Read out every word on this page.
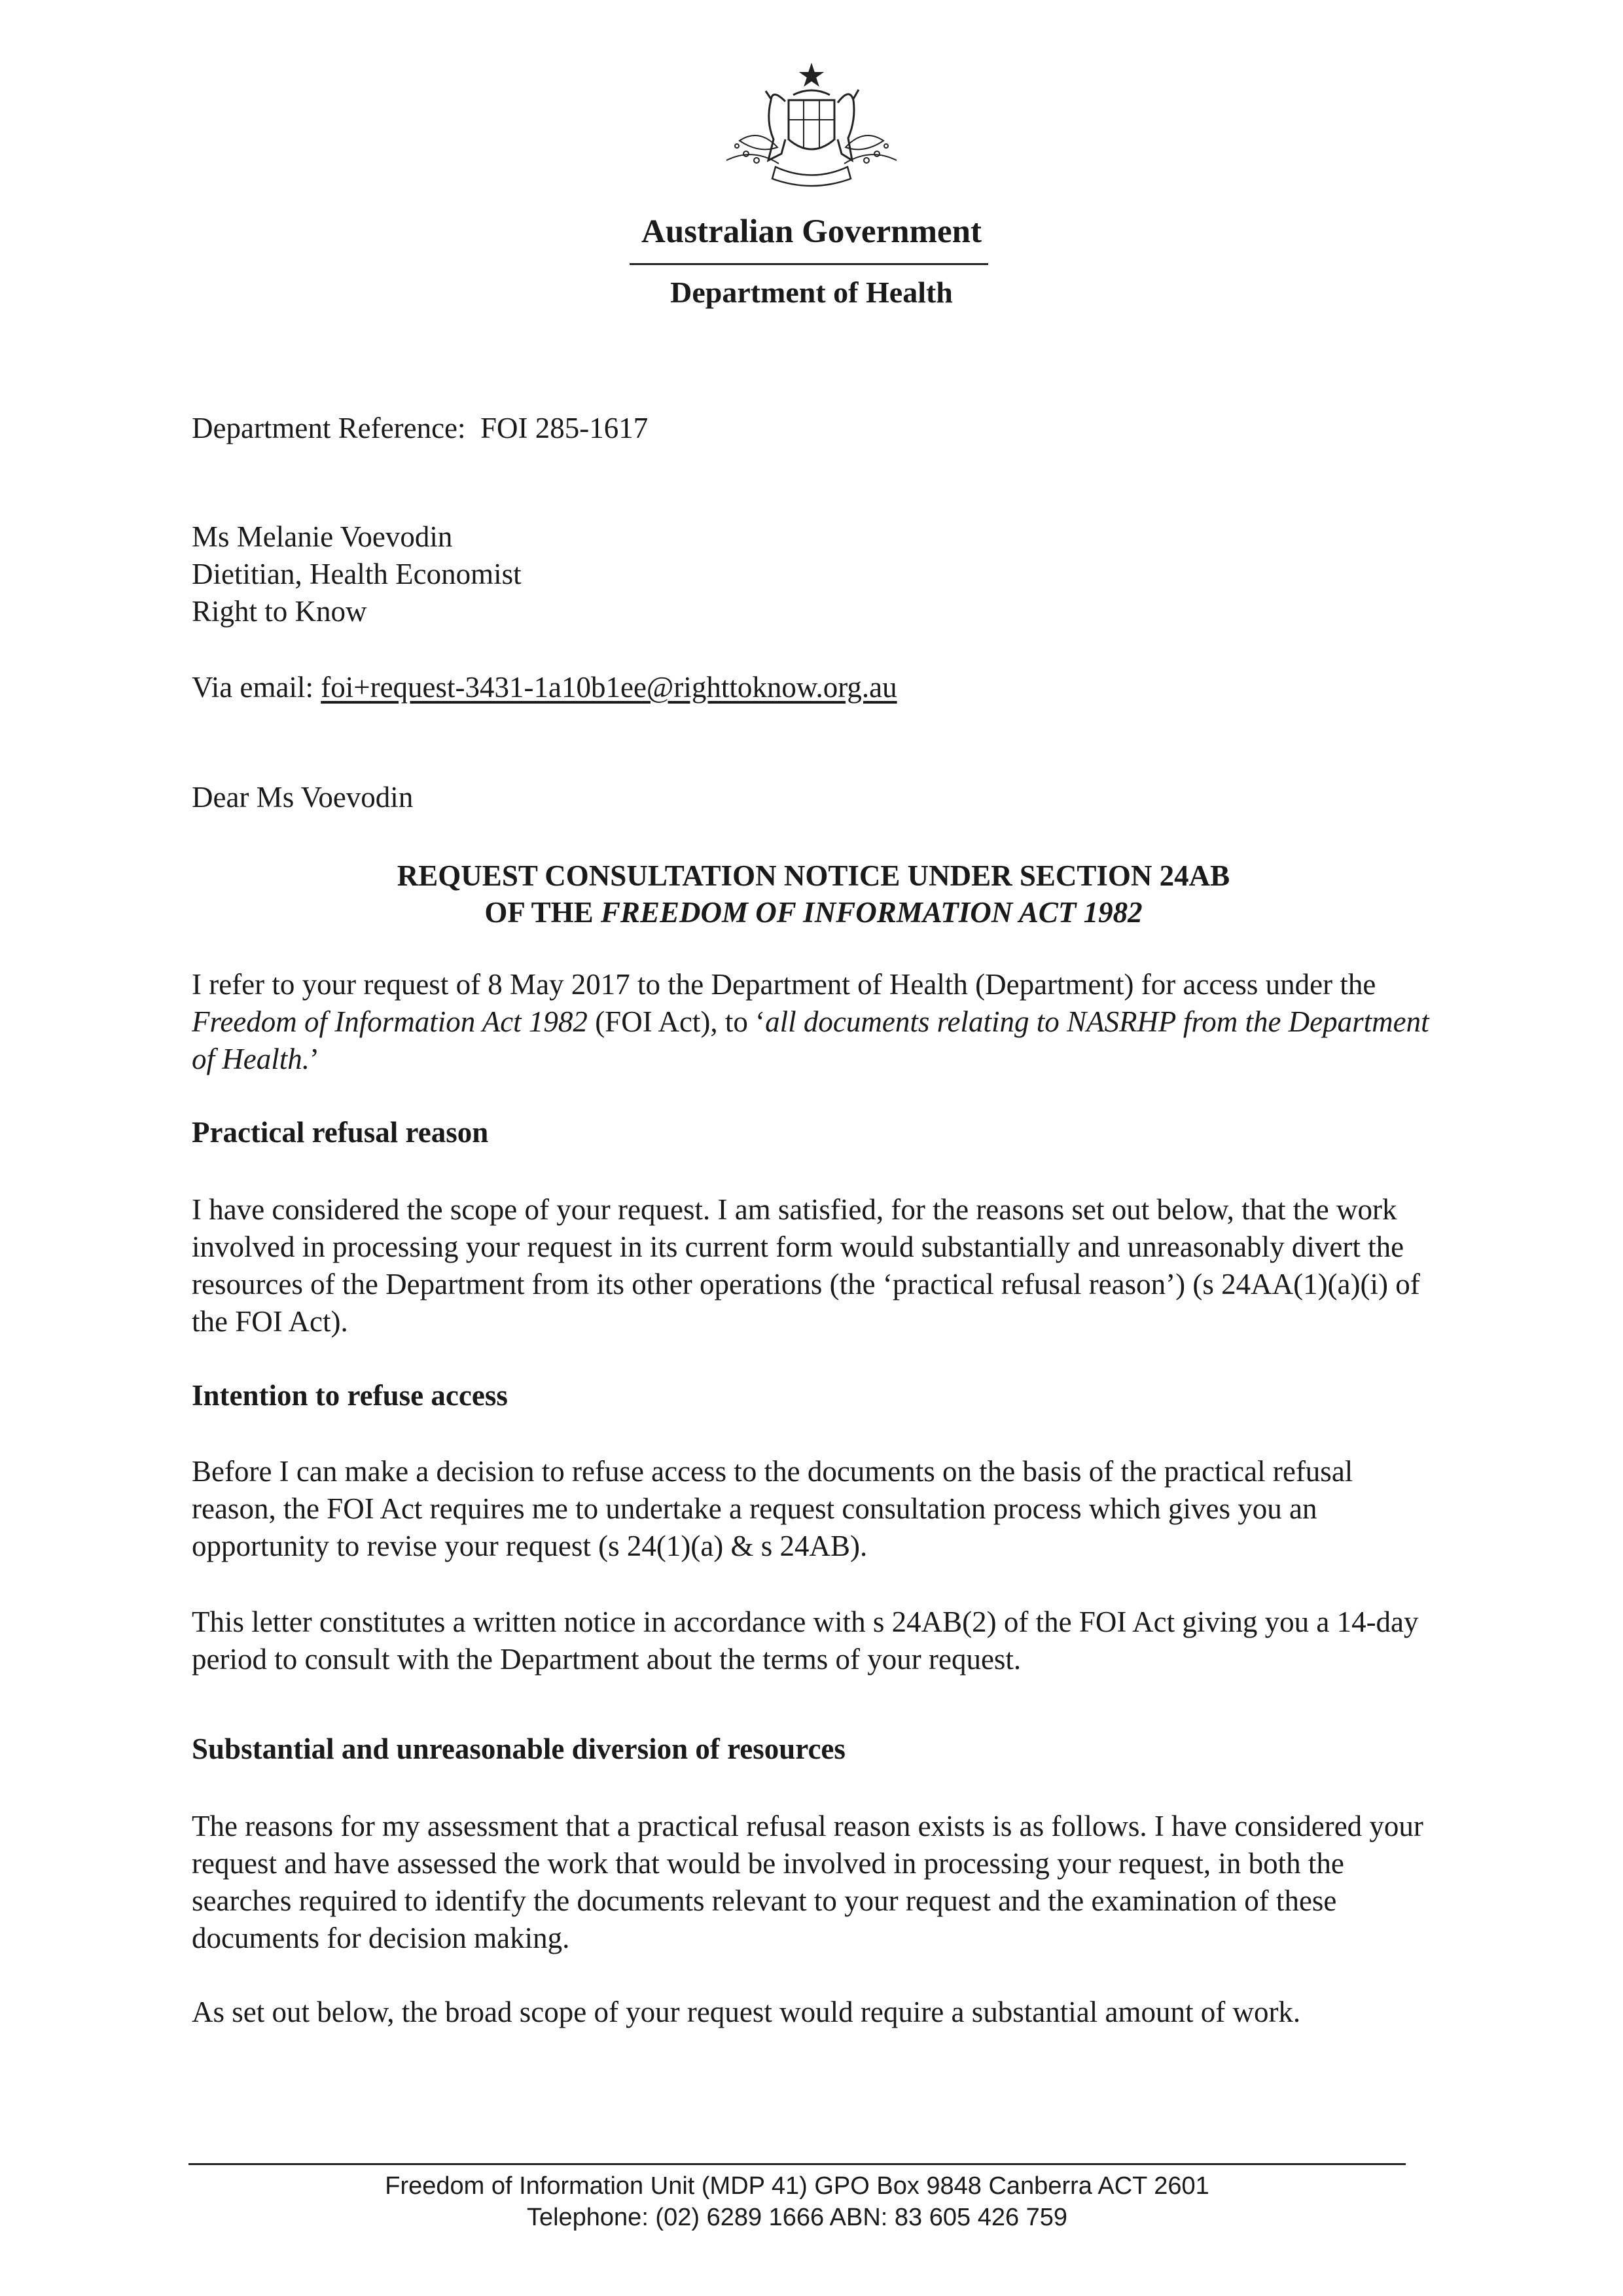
Australian Government
Department of Health
Department Reference: FOI 285-1617
Ms Melanie Voevodin
Dietitian, Health Economist
Right to Know
Via email: foi+request-3431-1a10b1ee@righttoknow.org.au
Dear Ms Voevodin
REQUEST CONSULTATION NOTICE UNDER SECTION 24AB
OF THE FREEDOM OF INFORMATION ACT 1982
I refer to your request of 8 May 2017 to the Department of Health (Department) for access under the Freedom of Information Act 1982 (FOI Act), to ‘all documents relating to NASRHP from the Department of Health.’
Practical refusal reason
I have considered the scope of your request. I am satisfied, for the reasons set out below, that the work involved in processing your request in its current form would substantially and unreasonably divert the resources of the Department from its other operations (the ‘practical refusal reason’) (s 24AA(1)(a)(i) of the FOI Act).
Intention to refuse access
Before I can make a decision to refuse access to the documents on the basis of the practical refusal reason, the FOI Act requires me to undertake a request consultation process which gives you an opportunity to revise your request (s 24(1)(a) & s 24AB).
This letter constitutes a written notice in accordance with s 24AB(2) of the FOI Act giving you a 14-day period to consult with the Department about the terms of your request.
Substantial and unreasonable diversion of resources
The reasons for my assessment that a practical refusal reason exists is as follows. I have considered your request and have assessed the work that would be involved in processing your request, in both the searches required to identify the documents relevant to your request and the examination of these documents for decision making.
As set out below, the broad scope of your request would require a substantial amount of work.
Freedom of Information Unit (MDP 41) GPO Box 9848 Canberra ACT 2601
Telephone: (02) 6289 1666 ABN: 83 605 426 759
